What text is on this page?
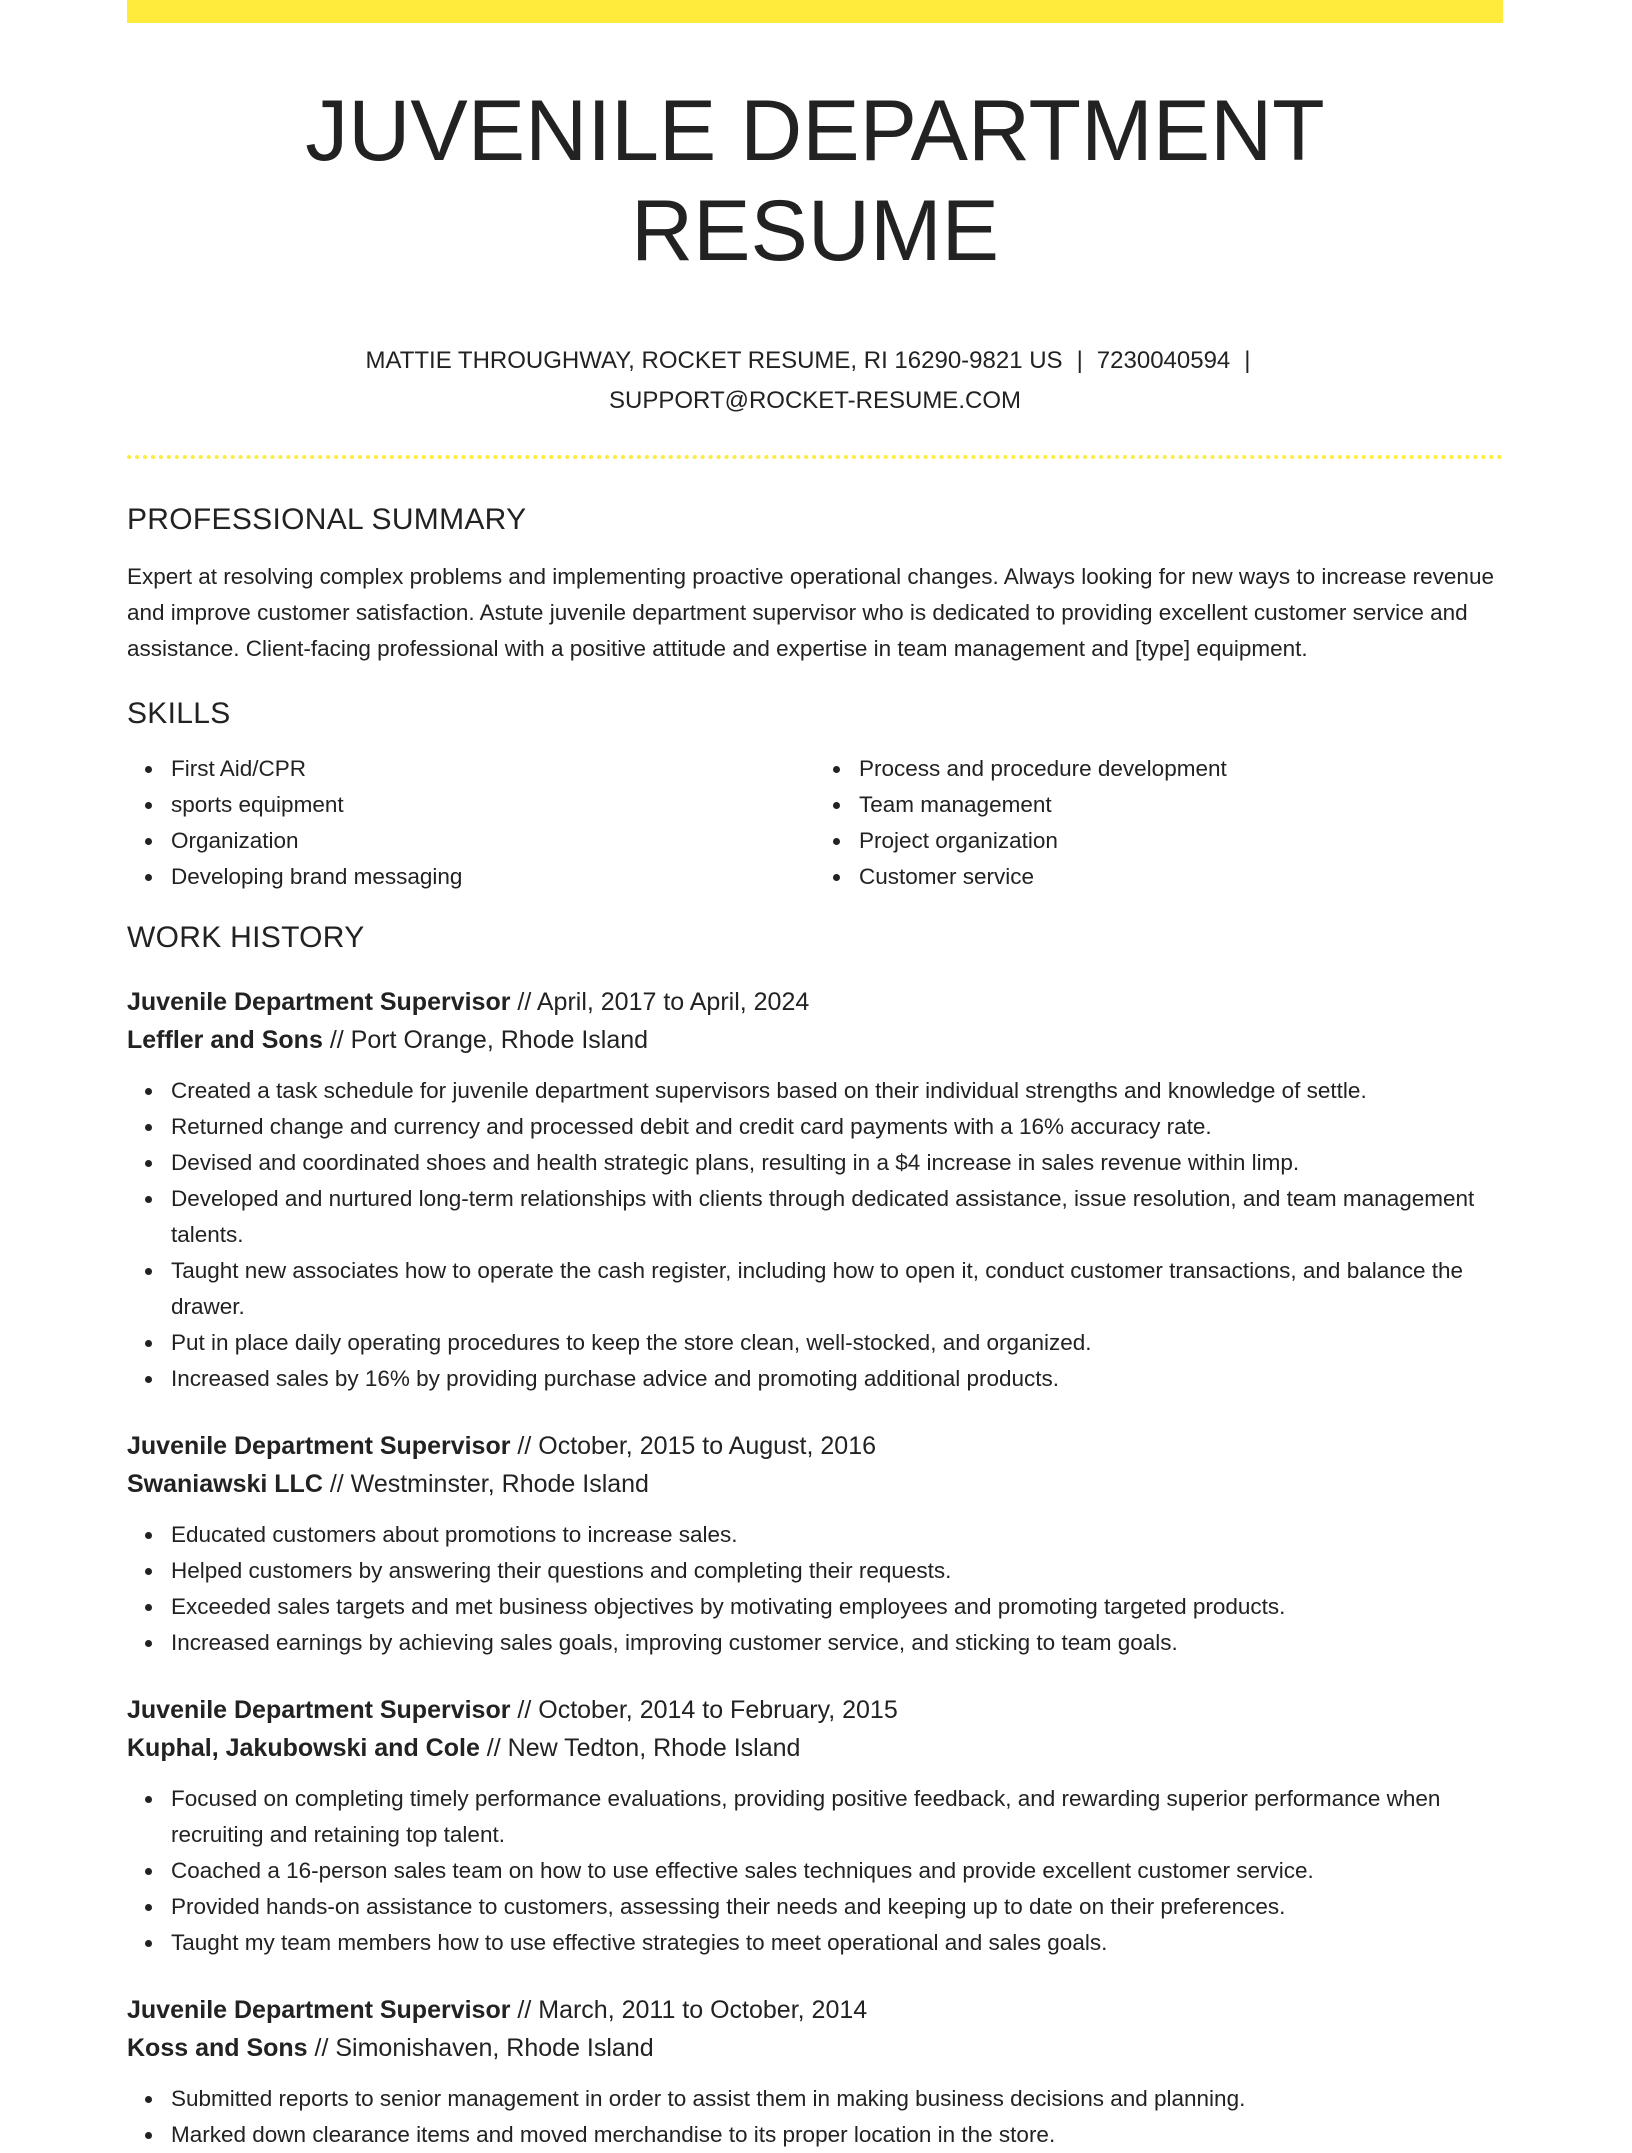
JUVENILE DEPARTMENT RESUME
MATTIE THROUGHWAY, ROCKET RESUME, RI 16290-9821 US | 7230040594 |
SUPPORT@ROCKET-RESUME.COM
PROFESSIONAL SUMMARY

Expert at resolving complex problems and implementing proactive operational changes. Always looking for new ways to increase revenue and improve customer satisfaction. Astute juvenile department supervisor who is dedicated to providing excellent customer service and assistance. Client-facing professional with a positive attitude and expertise in team management and [type] equipment.

SKILLS
First Aid/CPR
sports equipment
Organization
Developing brand messaging
Process and procedure development
Team management
Project organization
Customer service
WORK HISTORY
Juvenile Department Supervisor // April, 2017 to April, 2024
Leffler and Sons // Port Orange, Rhode Island
Created a task schedule for juvenile department supervisors based on their individual strengths and knowledge of settle.
Returned change and currency and processed debit and credit card payments with a 16% accuracy rate.
Devised and coordinated shoes and health strategic plans, resulting in a $4 increase in sales revenue within limp.
Developed and nurtured long-term relationships with clients through dedicated assistance, issue resolution, and team management talents.
Taught new associates how to operate the cash register, including how to open it, conduct customer transactions, and balance the drawer.
Put in place daily operating procedures to keep the store clean, well-stocked, and organized.
Increased sales by 16% by providing purchase advice and promoting additional products.
Juvenile Department Supervisor // October, 2015 to August, 2016
Swaniawski LLC // Westminster, Rhode Island
Educated customers about promotions to increase sales.
Helped customers by answering their questions and completing their requests.
Exceeded sales targets and met business objectives by motivating employees and promoting targeted products.
Increased earnings by achieving sales goals, improving customer service, and sticking to team goals.
Juvenile Department Supervisor // October, 2014 to February, 2015
Kuphal, Jakubowski and Cole // New Tedton, Rhode Island
Focused on completing timely performance evaluations, providing positive feedback, and rewarding superior performance when recruiting and retaining top talent.
Coached a 16-person sales team on how to use effective sales techniques and provide excellent customer service.
Provided hands-on assistance to customers, assessing their needs and keeping up to date on their preferences.
Taught my team members how to use effective strategies to meet operational and sales goals.
Juvenile Department Supervisor // March, 2011 to October, 2014
Koss and Sons // Simonishaven, Rhode Island
Submitted reports to senior management in order to assist them in making business decisions and planning.
Marked down clearance items and moved merchandise to its proper location in the store.
